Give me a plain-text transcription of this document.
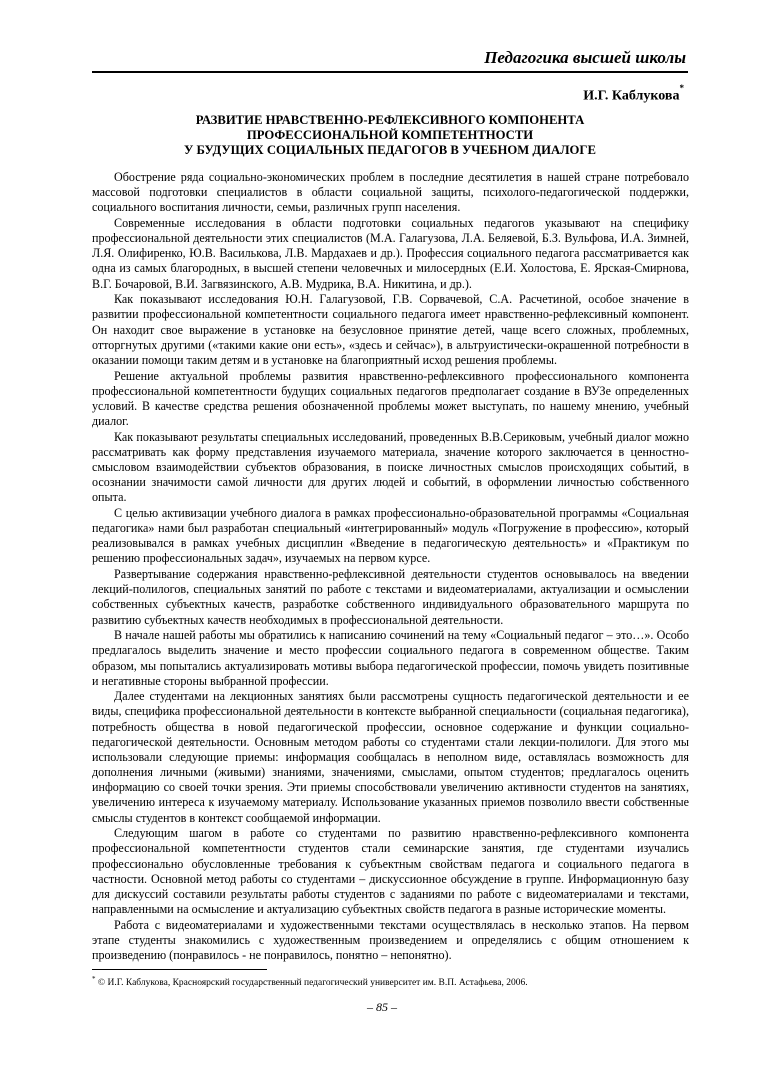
Педагогика высшей школы
И.Г. Каблукова*
РАЗВИТИЕ НРАВСТВЕННО-РЕФЛЕКСИВНОГО КОМПОНЕНТА
ПРОФЕССИОНАЛЬНОЙ КОМПЕТЕНТНОСТИ
У БУДУЩИХ СОЦИАЛЬНЫХ ПЕДАГОГОВ В УЧЕБНОМ ДИАЛОГЕ

Обострение ряда социально-экономических проблем в последние десятилетия в нашей стране потребовало массовой подготовки специалистов в области социальной защиты, психолого-педагогической поддержки, социального воспитания личности, семьи, различных групп населения.

Современные исследования в области подготовки социальных педагогов указывают на специфику профессиональной деятельности этих специалистов (М.А. Галагузова, Л.А. Беляевой, Б.З. Вульфова, И.А. Зимней, Л.Я. Олифиренко, Ю.В. Васильковa, Л.В. Мардахаев и др.). Профессия социального педагога рассматривается как одна из самых благородных, в высшей степени человечных и милосердных (Е.И. Холостова, Е. Ярская-Смирнова, В.Г. Бочаровой, В.И. Загвязинского, А.В. Мудрика, В.А. Никитина, и др.).

Как показывают исследования Ю.Н. Галагузовой, Г.В. Сорвачевой, С.А. Расчетиной, особое значение в развитии профессиональной компетентности социального педагога имеет нравственно-рефлексивный компонент. Он находит свое выражение в установке на безусловное принятие детей, чаще всего сложных, проблемных, отторгнутых другими («такими какие они есть», «здесь и сейчас»), в альтруистически-окрашенной потребности в оказании помощи таким детям и в установке на благоприятный исход решения проблемы.

Решение актуальной проблемы развития нравственно-рефлексивного профессионального компонента профессиональной компетентности будущих социальных педагогов предполагает создание в ВУЗе определенных условий. В качестве средства решения обозначенной проблемы может выступать, по нашему мнению, учебный диалог.

Как показывают результаты специальных исследований, проведенных В.В.Сериковым, учебный диалог можно рассматривать как форму представления изучаемого материала, значение которого заключается в ценностно-смысловом взаимодействии субъектов образования, в поиске личностных смыслов происходящих событий, в осознании значимости самой личности для других людей и событий, в оформлении личностью собственного опыта.

С целью активизации учебного диалога в рамках профессионально-образовательной программы «Социальная педагогика» нами был разработан специальный «интегрированный» модуль «Погружение в профессию», который реализовывался в рамках учебных дисциплин «Введение в педагогическую деятельность» и «Практикум по решению профессиональных задач», изучаемых на первом курсе.

Развертывание содержания нравственно-рефлексивной деятельности студентов основывалось на введении лекций-полилогов, специальных занятий по работе с текстами и видеоматериалами, актуализации и осмыслении собственных субъектных качеств, разработке собственного индивидуального образовательного маршрута по развитию субъектных качеств необходимых в профессиональной деятельности.

В начале нашей работы мы обратились к написанию сочинений на тему «Социальный педагог – это…». Особо предлагалось выделить значение и место профессии социального педагога в современном обществе. Таким образом, мы попытались актуализировать мотивы выбора педагогической профессии, помочь увидеть позитивные и негативные стороны выбранной профессии.

Далее студентами на лекционных занятиях были рассмотрены сущность педагогической деятельности и ее виды, специфика профессиональной деятельности в контексте выбранной специальности (социальная педагогика), потребность общества в новой педагогической профессии, основное содержание и функции социально-педагогической деятельности. Основным методом работы со студентами стали лекции-полилоги. Для этого мы использовали следующие приемы: информация сообщалась в неполном виде, оставлялась возможность для дополнения личными (живыми) знаниями, значениями, смыслами, опытом студентов; предлагалось оценить информацию со своей точки зрения. Эти приемы способствовали увеличению активности студентов на занятиях, увеличению интереса к изучаемому материалу. Использование указанных приемов позволило ввести собственные смыслы студентов в контекст сообщаемой информации.

Следующим шагом в работе со студентами по развитию нравственно-рефлексивного компонента профессиональной компетентности студентов стали семинарские занятия, где студентами изучались профессионально обусловленные требования к субъектным свойствам педагога и социального педагога в частности. Основной метод работы со студентами – дискуссионное обсуждение в группе. Информационную базу для дискуссий составили результаты работы студентов с заданиями по работе с видеоматериалами и текстами, направленными на осмысление и актуализацию субъектных свойств педагога в разные исторические моменты.

Работа с видеоматериалами и художественными текстами осуществлялась в несколько этапов. На первом этапе студенты знакомились с художественным произведением и определялись с общим отношением к произведению (понравилось - не понравилось, понятно – непонятно).

* © И.Г. Каблукова, Красноярский государственный педагогический университет им. В.П. Астафьева, 2006.
– 85 –
